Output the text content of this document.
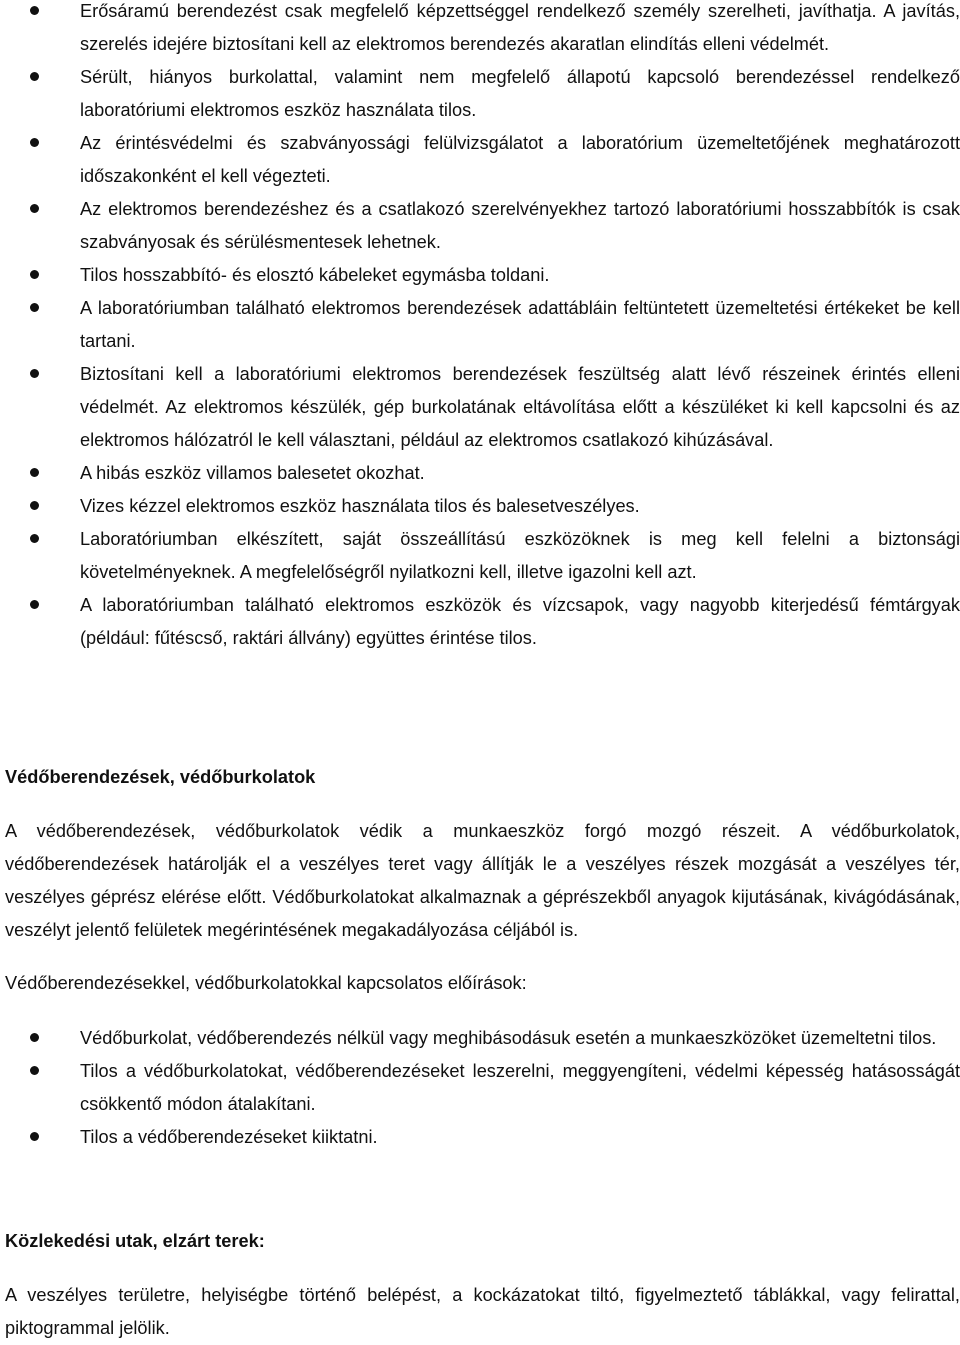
Erősáramú berendezést csak megfelelő képzettséggel rendelkező személy szerelheti, javíthatja. A javítás, szerelés idejére biztosítani kell az elektromos berendezés akaratlan elindítás elleni védelmét.
Sérült, hiányos burkolattal, valamint nem megfelelő állapotú kapcsoló berendezéssel rendelkező laboratóriumi elektromos eszköz használata tilos.
Az érintésvédelmi és szabványossági felülvizsgálatot a laboratórium üzemeltetőjének meghatározott időszakonként el kell végezteti.
Az elektromos berendezéshez és a csatlakozó szerelvényekhez tartozó laboratóriumi hosszabbítók is csak szabványosak és sérülésmentesek lehetnek.
Tilos hosszabbító- és elosztó kábeleket egymásba toldani.
A laboratóriumban található elektromos berendezések adattábláin feltüntetett üzemeltetési értékeket be kell tartani.
Biztosítani kell a laboratóriumi elektromos berendezések feszültség alatt lévő részeinek érintés elleni védelmét. Az elektromos készülék, gép burkolatának eltávolítása előtt a készüléket ki kell kapcsolni és az elektromos hálózatról le kell választani, például az elektromos csatlakozó kihúzásával.
A hibás eszköz villamos balesetet okozhat.
Vizes kézzel elektromos eszköz használata tilos és balesetveszélyes.
Laboratóriumban elkészített, saját összeállítású eszközöknek is meg kell felelni a biztonsági követelményeknek. A megfelelőségről nyilatkozni kell, illetve igazolni kell azt.
A laboratóriumban található elektromos eszközök és vízcsapok, vagy nagyobb kiterjedésű fémtárgyak (például: fűtéscső, raktári állvány) együttes érintése tilos.
Védőberendezések, védőburkolatok
A védőberendezések, védőburkolatok védik a munkaeszköz forgó mozgó részeit. A védőburkolatok, védőberendezések határolják el a veszélyes teret vagy állítják le a veszélyes részek mozgását a veszélyes tér, veszélyes géprész elérése előtt. Védőburkolatokat alkalmaznak a géprészekből anyagok kijutásának, kivágódásának, veszélyt jelentő felületek megérintésének megakadályozása céljából is.
Védőberendezésekkel, védőburkolatokkal kapcsolatos előírások:
Védőburkolat, védőberendezés nélkül vagy meghibásodásuk esetén a munkaeszközöket üzemeltetni tilos.
Tilos a védőburkolatokat, védőberendezéseket leszerelni, meggyengíteni, védelmi képesség hatásosságát csökkentő módon átalakítani.
Tilos a védőberendezéseket kiiktatni.
Közlekedési utak, elzárt terek:
A veszélyes területre, helyiségbe történő belépést, a kockázatokat tiltó, figyelmeztető táblákkal, vagy felirattal, piktogrammal jelölik.
